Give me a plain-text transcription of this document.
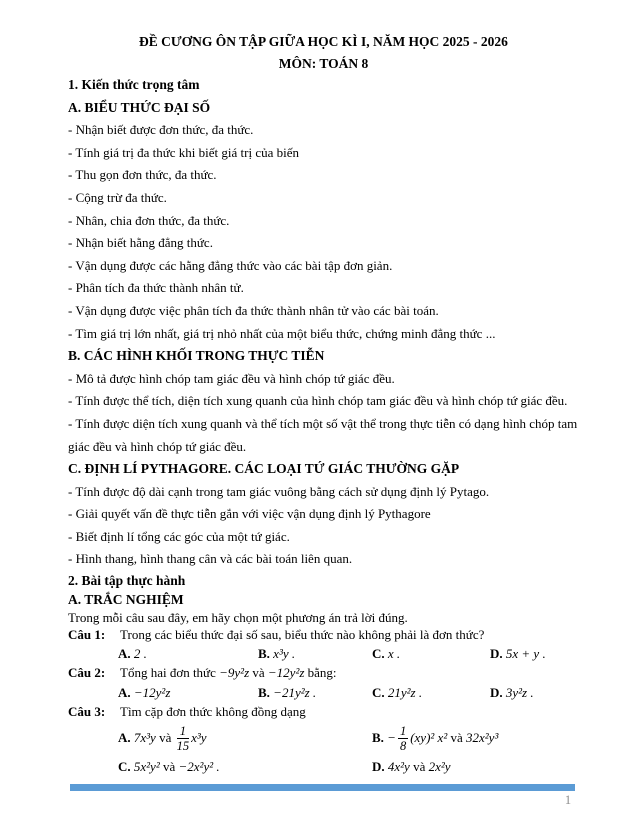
ĐỀ CƯƠNG ÔN TẬP GIỮA HỌC KÌ I, NĂM HỌC 2025 - 2026
MÔN: TOÁN 8

1. Kiến thức trọng tâm

A. BIỂU THỨC ĐẠI SỐ

- Nhận biết được đơn thức, đa thức.

- Tính giá trị đa thức khi biết giá trị của biến

- Thu gọn đơn thức, đa thức.

- Cộng trừ đa thức.

- Nhân, chia đơn thức, đa thức.

- Nhận biết hằng đẳng thức.

- Vận dụng được các hằng đẳng thức vào các bài tập đơn giản.

- Phân tích đa thức thành nhân tử.

- Vận dụng được việc phân tích đa thức thành nhân tử vào các bài toán.

- Tìm giá trị lớn nhất, giá trị nhỏ nhất của một biểu thức, chứng minh đẳng thức ...

B. CÁC HÌNH KHỐI TRONG THỰC TIỄN

- Mô tả được hình chóp tam giác đều và hình chóp tứ giác đều.

- Tính được thể tích, diện tích xung quanh của hình chóp tam giác đều và hình chóp tứ giác đều.

- Tính được diện tích xung quanh và thể tích một số vật thể trong thực tiễn có dạng hình chóp tam giác đều và hình chóp tứ giác đều.

C. ĐỊNH LÍ PYTHAGORE. CÁC LOẠI TỨ GIÁC THƯỜNG GẶP

- Tính được độ dài cạnh trong tam giác vuông bằng cách sử dụng định lý Pytago.

- Giải quyết vấn đề thực tiễn gắn với việc vận dụng định lý Pythagore

- Biết định lí tổng các góc của một tứ giác.

- Hình thang, hình thang cân và các bài toán liên quan.

2. Bài tập thực hành

A. TRẮC NGHIỆM

Trong mỗi câu sau đây, em hãy chọn một phương án trả lời đúng.

Câu 1:	Trong các biểu thức đại số sau, biểu thức nào không phải là đơn thức?
A. 2 .	B. x³y .	C. x .	D. 5x + y .
Câu 2:	Tổng hai đơn thức −9y²z và −12y²z bằng:
A. −12y²z	B. −21y²z .	C. 21y²z .	D. 3y²z .
Câu 3:	Tìm cặp đơn thức không đồng dạng
A. 7x³y và $\frac{1}{15} x^3y$	B. − $\frac{1}{8} (xy)^2$ x² và 32x²y³
C. 5x²y² và −2x²y² .	D. 4x²y và 2x²y
1
